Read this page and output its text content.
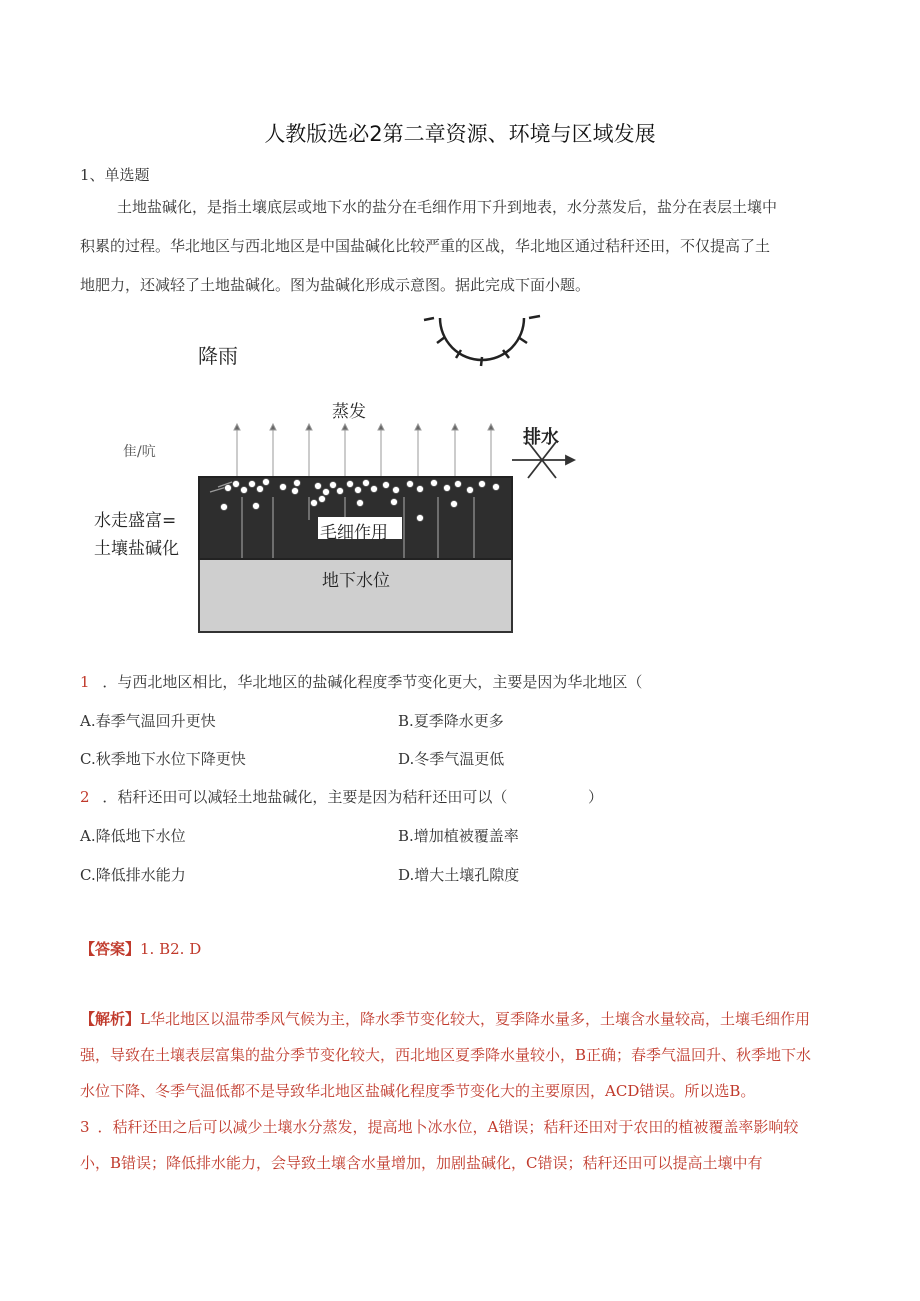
人教版选必2第二章资源、环境与区域发展
1、单选题
土地盐碱化，是指土壤底层或地下水的盐分在毛细作用下升到地表，水分蒸发后，盐分在表层土壤中
积累的过程。华北地区与西北地区是中国盐碱化比较严重的区战，华北地区通过秸秆还田，不仅提高了土
地肥力，还减轻了土地盐碱化。图为盐碱化形成示意图。据此完成下面小题。
降雨
蒸发
排水
隹/吭
水走盛富=
土壤盐碱化
毛细作用
地下水位
1 ．与西北地区相比，华北地区的盐碱化程度季节变化更大，主要是因为华北地区（
A.春季气温回升更快	B.夏季降水更多
C.秋季地下水位下降更快	D.冬季气温更低
2 ．秸秆还田可以减轻土地盐碱化，主要是因为秸秆还田可以（	）
A.降低地下水位	B.增加植被覆盖率
C.降低排水能力	D.增大土壤孔隙度
【答案】1. B2. D
【解析】L华北地区以温带季风气候为主，降水季节变化较大，夏季降水量多，土壤含水量较高，土壤毛细作用
强，导致在土壤表层富集的盐分季节变化较大，西北地区夏季降水量较小，B正确；春季气温回升、秋季地下水
水位下降、冬季气温低都不是导致华北地区盐碱化程度季节变化大的主要原因，ACD错误。所以选B。
3 ．秸秆还田之后可以减少土壤水分蒸发，提高地卜冰水位，A错误；秸秆还田对于农田的植被覆盖率影响较
小，B错误；降低排水能力，会导致土壤含水量增加，加剧盐碱化，C错误；秸秆还田可以提高土壤中有
